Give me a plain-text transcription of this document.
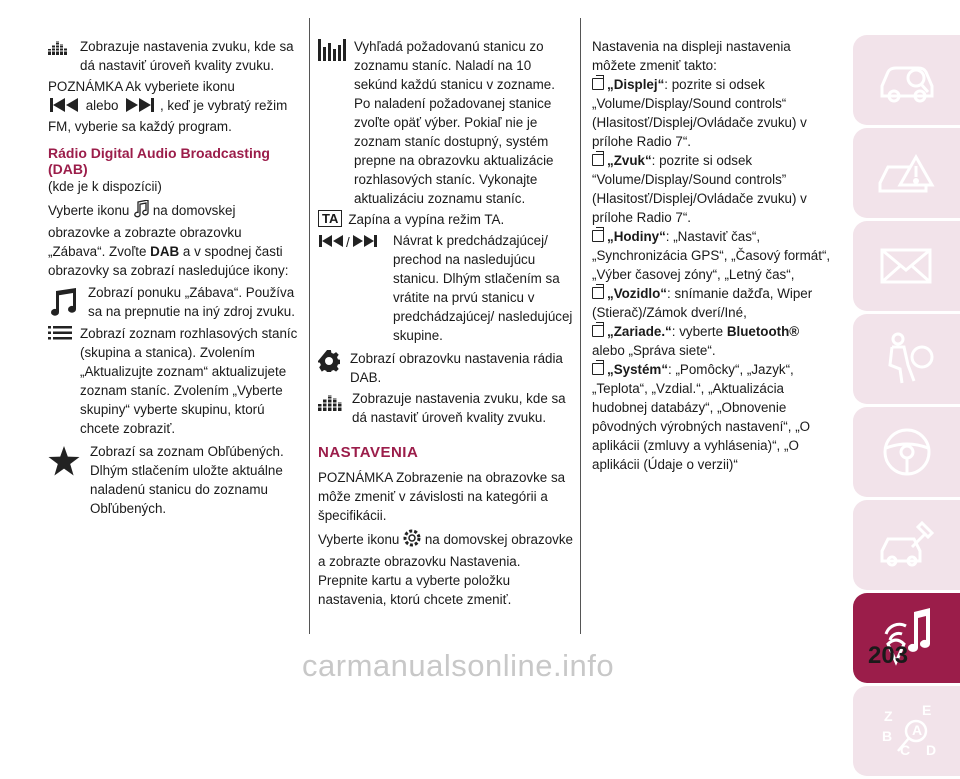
Zobrazuje nastavenia zvuku, kde sa dá nastaviť úroveň kvality zvuku.

POZNÁMKA Ak vyberiete ikonu
alebo	, keď je vybratý režim FM, vyberie sa každý program.

Rádio Digital Audio Broadcasting (DAB)

(kde je k dispozícii)

Vyberte ikonu na domovskej obrazovke a zobrazte obrazovku „Zábava“. Zvoľte DAB a v spodnej časti obrazovky sa zobrazí nasledujúce ikony:

Zobrazí ponuku „Zábava“. Používa sa na prepnutie na iný zdroj zvuku.

Zobrazí zoznam rozhlasových staníc (skupina a stanica). Zvolením „Aktualizujte zoznam“ aktualizujete zoznam staníc. Zvolením „Vyberte skupiny“ vyberte skupinu, ktorú chcete zobraziť.

Zobrazí sa zoznam Obľúbených. Dlhým stlačením uložte aktuálne naladenú stanicu do zoznamu Obľúbených.

Vyhľadá požadovanú stanicu zo zoznamu staníc. Naladí na 10 sekúnd každú stanicu v zozname. Po naladení požadovanej stanice zvoľte opäť výber. Pokiaľ nie je zoznam staníc dostupný, systém prepne na obrazovku aktualizácie rozhlasových staníc. Vykonajte aktualizáciu zoznamu staníc.

TA Zapína a vypína režim TA.

/	Návrat k predchádzajúcej/ prechod na nasledujúcu stanicu. Dlhým stlačením sa vrátite na prvú stanicu v predchádzajúcej/ nasledujúcej skupine.

Zobrazí obrazovku nastavenia rádia DAB.

Zobrazuje nastavenia zvuku, kde sa dá nastaviť úroveň kvality zvuku.

NASTAVENIA

POZNÁMKA Zobrazenie na obrazovke sa môže zmeniť v závislosti na kategórii a špecifikácii.

Vyberte ikonu na domovskej obrazovke a zobrazte obrazovku Nastavenia. Prepnite kartu a vyberte položku nastavenia, ktorú chcete zmeniť.

Nastavenia na displeji nastavenia môžete zmeniť takto:

„Displej“: pozrite si odsek „Volume/Display/Sound controls“ (Hlasitosť/Displej/Ovládače zvuku) v prílohe Radio 7“.

„Zvuk“: pozrite si odsek “Volume/Display/Sound controls” (Hlasitosť/Displej/Ovládače zvuku) v prílohe Radio 7“.

„Hodiny“: „Nastaviť čas“, „Synchronizácia GPS“, „Časový formát“, „Výber časovej zóny“, „Letný čas“,

„Vozidlo“: snímanie dažďa, Wiper (Stierač)/Zámok dverí/Iné,

„Zariade.“: vyberte Bluetooth® alebo „Správa siete“.

„Systém“: „Pomôcky“, „Jazyk“, „Teplota“, „Vzdial.“, „Aktualizácia hudobnej databázy“, „Obnovenie pôvodných výrobných nastavení“, „O aplikácii (zmluvy a vyhlásenia)“, „O aplikácii (Údaje o verzii)“

Z E
B A
C D
203
carmanualsonline.info
